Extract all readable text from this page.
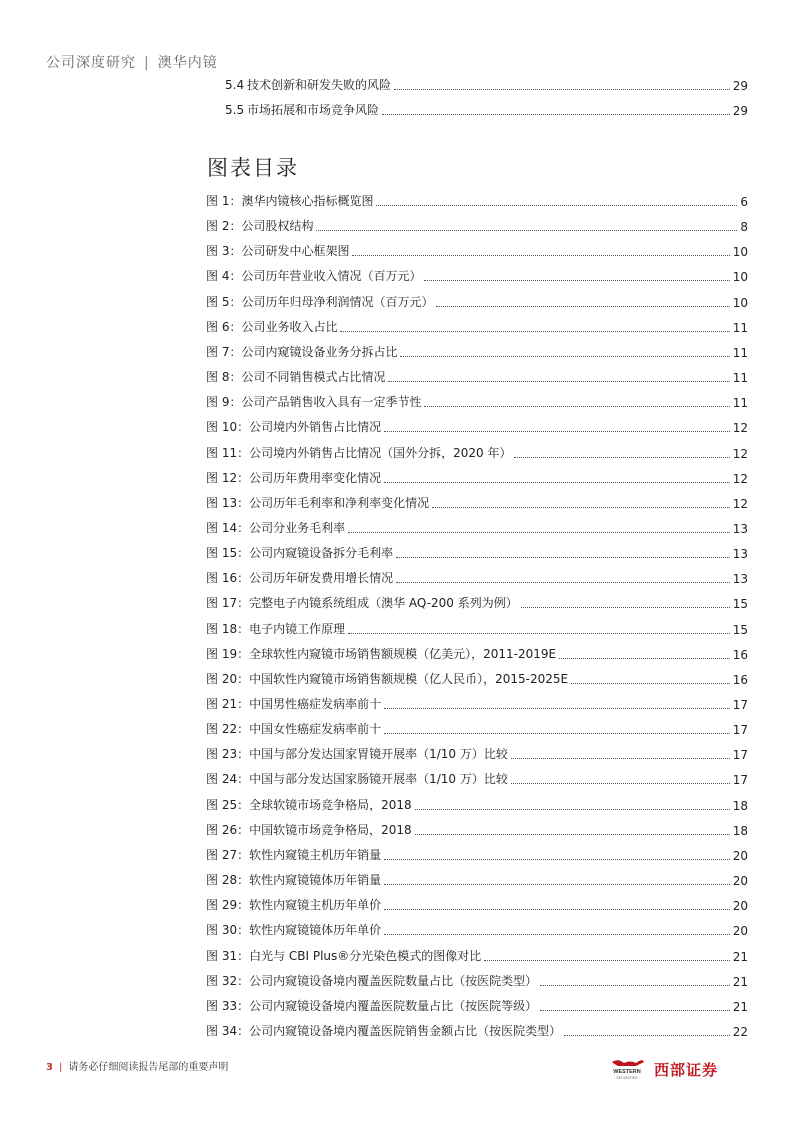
公司深度研究 | 澳华内镜
5.4 技术创新和研发失败的风险	29
5.5 市场拓展和市场竞争风险	29
图表目录
图 1：澳华内镜核心指标概览图	6
图 2：公司股权结构	8
图 3：公司研发中心框架图	10
图 4：公司历年营业收入情况（百万元）	10
图 5：公司历年归母净利润情况（百万元）	10
图 6：公司业务收入占比	11
图 7：公司内窥镜设备业务分拆占比	11
图 8：公司不同销售模式占比情况	11
图 9：公司产品销售收入具有一定季节性	11
图 10：公司境内外销售占比情况	12
图 11：公司境内外销售占比情况（国外分拆，2020 年）	12
图 12：公司历年费用率变化情况	12
图 13：公司历年毛利率和净利率变化情况	12
图 14：公司分业务毛利率	13
图 15：公司内窥镜设备拆分毛利率	13
图 16：公司历年研发费用增长情况	13
图 17：完整电子内镜系统组成（澳华 AQ-200 系列为例）	15
图 18：电子内镜工作原理	15
图 19：全球软性内窥镜市场销售额规模（亿美元），2011-2019E	16
图 20：中国软性内窥镜市场销售额规模（亿人民币），2015-2025E	16
图 21：中国男性癌症发病率前十	17
图 22：中国女性癌症发病率前十	17
图 23：中国与部分发达国家胃镜开展率（1/10 万）比较	17
图 24：中国与部分发达国家肠镜开展率（1/10 万）比较	17
图 25：全球软镜市场竞争格局，2018	18
图 26：中国软镜市场竞争格局，2018	18
图 27：软性内窥镜主机历年销量	20
图 28：软性内窥镜镜体历年销量	20
图 29：软性内窥镜主机历年单价	20
图 30：软性内窥镜镜体历年单价	20
图 31：白光与 CBI Plus®分光染色模式的图像对比	21
图 32：公司内窥镜设备境内覆盖医院数量占比（按医院类型）	21
图 33：公司内窥镜设备境内覆盖医院数量占比（按医院等级）	21
图 34：公司内窥镜设备境内覆盖医院销售金额占比（按医院类型）	22
3 | 请务必仔细阅读报告尾部的重要声明	WESTERN
SECURITIES 西部证券
